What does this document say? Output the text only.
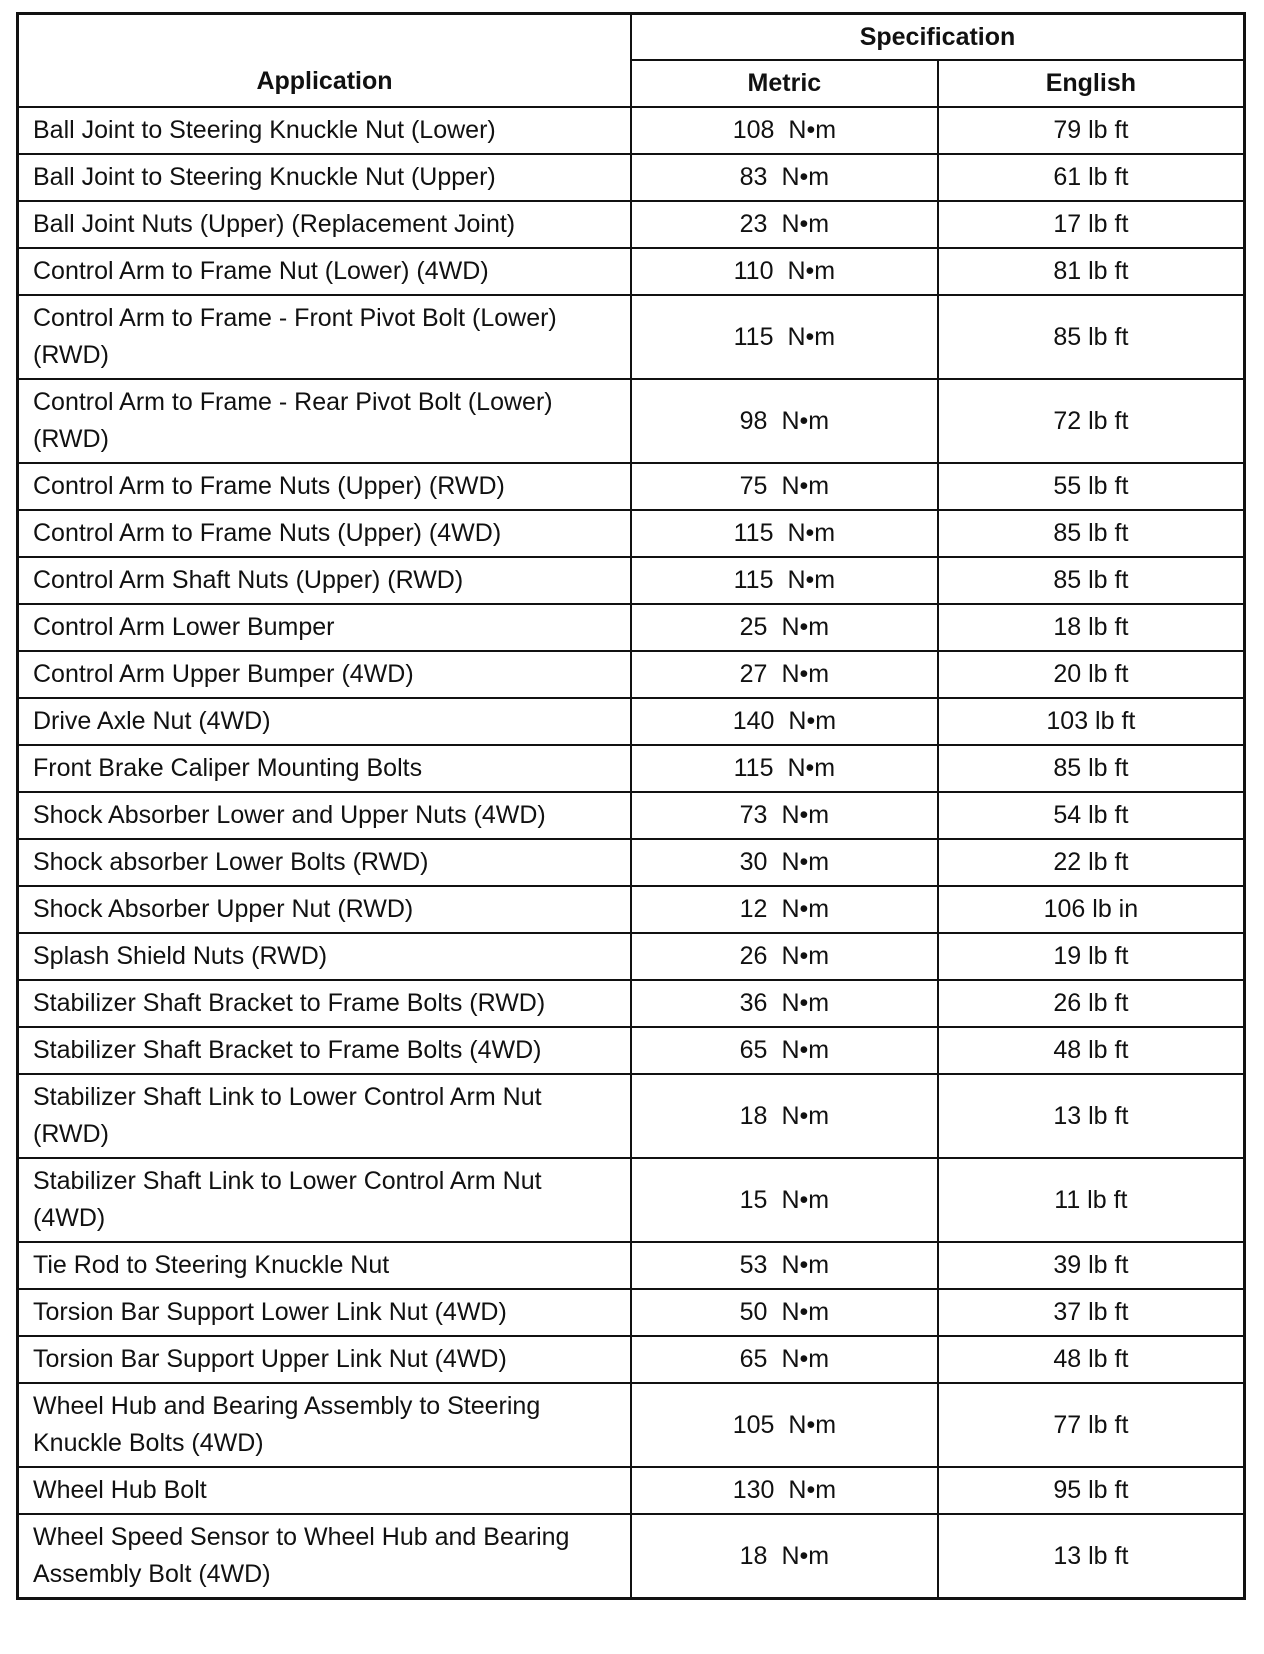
Application	Specification	
	Metric	English
Ball Joint to Steering Knuckle Nut (Lower)	108 N•m	79 lb ft
Ball Joint to Steering Knuckle Nut (Upper)	83 N•m	61 lb ft
Ball Joint Nuts (Upper) (Replacement Joint)	23 N•m	17 lb ft
Control Arm to Frame Nut (Lower) (4WD)	110 N•m	81 lb ft
Control Arm to Frame - Front Pivot Bolt (Lower) (RWD)	115 N•m	85 lb ft
Control Arm to Frame - Rear Pivot Bolt (Lower) (RWD)	98 N•m	72 lb ft
Control Arm to Frame Nuts (Upper) (RWD)	75 N•m	55 lb ft
Control Arm to Frame Nuts (Upper) (4WD)	115 N•m	85 lb ft
Control Arm Shaft Nuts (Upper) (RWD)	115 N•m	85 lb ft
Control Arm Lower Bumper	25 N•m	18 lb ft
Control Arm Upper Bumper (4WD)	27 N•m	20 lb ft
Drive Axle Nut (4WD)	140 N•m	103 lb ft
Front Brake Caliper Mounting Bolts	115 N•m	85 lb ft
Shock Absorber Lower and Upper Nuts (4WD)	73 N•m	54 lb ft
Shock absorber Lower Bolts (RWD)	30 N•m	22 lb ft
Shock Absorber Upper Nut (RWD)	12 N•m	106 lb in
Splash Shield Nuts (RWD)	26 N•m	19 lb ft
Stabilizer Shaft Bracket to Frame Bolts (RWD)	36 N•m	26 lb ft
Stabilizer Shaft Bracket to Frame Bolts (4WD)	65 N•m	48 lb ft
Stabilizer Shaft Link to Lower Control Arm Nut (RWD)	18 N•m	13 lb ft
Stabilizer Shaft Link to Lower Control Arm Nut (4WD)	15 N•m	11 lb ft
Tie Rod to Steering Knuckle Nut	53 N•m	39 lb ft
Torsion Bar Support Lower Link Nut (4WD)	50 N•m	37 lb ft
Torsion Bar Support Upper Link Nut (4WD)	65 N•m	48 lb ft
Wheel Hub and Bearing Assembly to Steering Knuckle Bolts (4WD)	105 N•m	77 lb ft
Wheel Hub Bolt	130 N•m	95 lb ft
Wheel Speed Sensor to Wheel Hub and Bearing Assembly Bolt (4WD)	18 N•m	13 lb ft
